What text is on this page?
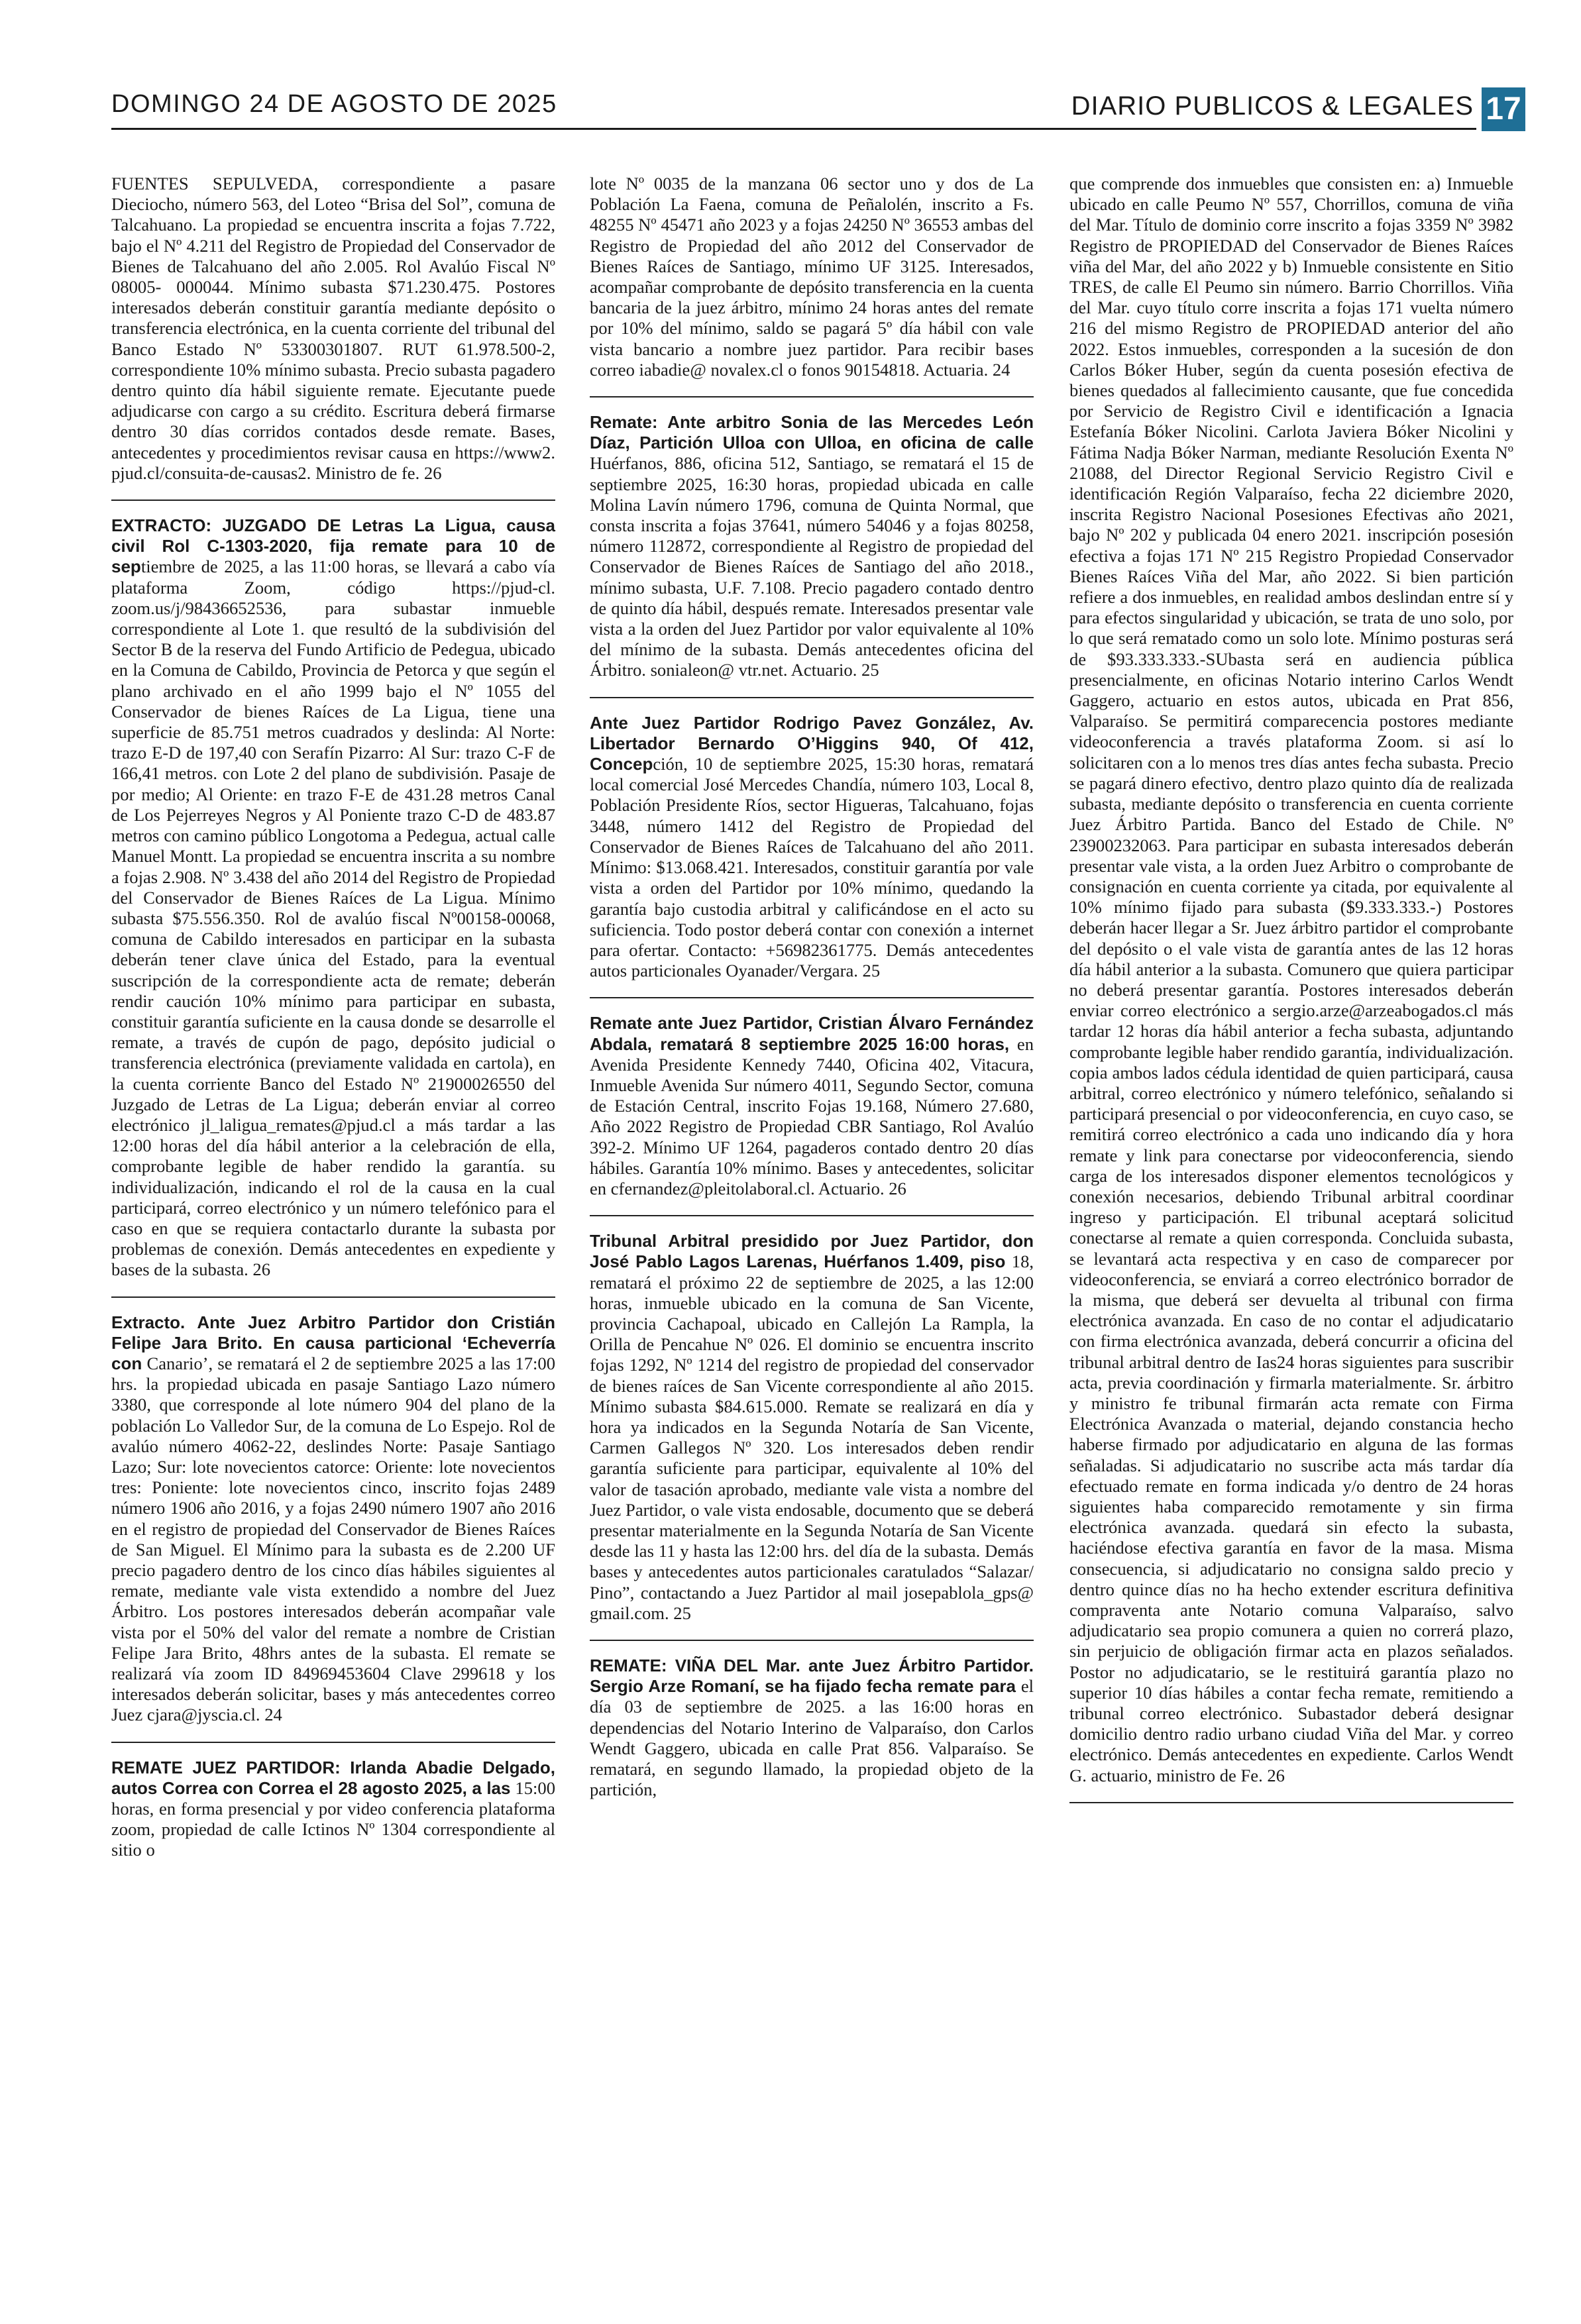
DOMINGO 24 DE AGOSTO DE 2025	DIARIO PUBLICOS & LEGALES 17

FUENTES SEPULVEDA, correspondiente a pasare Dieciocho, número 563, del Loteo “Brisa del Sol”, comuna de Talcahuano. La propiedad se encuentra inscrita a fojas 7.722, bajo el Nº 4.211 del Registro de Propiedad del Conservador de Bienes de Talcahuano del año 2.005. Rol Avalúo Fiscal Nº 08005- 000044. Mínimo subasta $71.230.475. Postores interesados deberán constituir garantía mediante depósito o transferencia electrónica, en la cuenta corriente del tribunal del Banco Estado Nº 53300301807. RUT 61.978.500-2, correspondiente 10% mínimo subasta. Precio subasta pagadero dentro quinto día hábil siguiente remate. Ejecutante puede adjudicarse con cargo a su crédito. Escritura deberá firmarse dentro 30 días corridos contados desde remate. Bases, antecedentes y procedimientos revisar causa en https://www2. pjud.cl/consuita-de-causas2. Ministro de fe. 26

EXTRACTO: JUZGADO DE Letras La Ligua, causa civil Rol C-1303-2020, fija remate para 10 de septiembre de 2025, a las 11:00 horas, se llevará a cabo vía plataforma Zoom, código https://pjud-cl. zoom.us/j/98436652536, para subastar inmueble correspondiente al Lote 1. que resultó de la subdivisión del Sector B de la reserva del Fundo Artificio de Pedegua, ubicado en la Comuna de Cabildo, Provincia de Petorca y que según el plano archivado en el año 1999 bajo el Nº 1055 del Conservador de bienes Raíces de La Ligua, tiene una superficie de 85.751 metros cuadrados y deslinda: Al Norte: trazo E-D de 197,40 con Serafín Pizarro: Al Sur: trazo C-F de 166,41 metros. con Lote 2 del plano de subdivisión. Pasaje de por medio; Al Oriente: en trazo F-E de 431.28 metros Canal de Los Pejerreyes Negros y Al Poniente trazo C-D de 483.87 metros con camino público Longotoma a Pedegua, actual calle Manuel Montt. La propiedad se encuentra inscrita a su nombre a fojas 2.908. Nº 3.438 del año 2014 del Registro de Propiedad del Conservador de Bienes Raíces de La Ligua. Mínimo subasta $75.556.350. Rol de avalúo fiscal Nº00158-00068, comuna de Cabildo interesados en participar en la subasta deberán tener clave única del Estado, para la eventual suscripción de la correspondiente acta de remate; deberán rendir caución 10% mínimo para participar en subasta, constituir garantía suficiente en la causa donde se desarrolle el remate, a través de cupón de pago, depósito judicial o transferencia electrónica (previamente validada en cartola), en la cuenta corriente Banco del Estado Nº 21900026550 del Juzgado de Letras de La Ligua; deberán enviar al correo electrónico jl_laligua_remates@pjud.cl a más tardar a las 12:00 horas del día hábil anterior a la celebración de ella, comprobante legible de haber rendido la garantía. su individualización, indicando el rol de la causa en la cual participará, correo electrónico y un número telefónico para el caso en que se requiera contactarlo durante la subasta por problemas de conexión. Demás antecedentes en expediente y bases de la subasta. 26

Extracto. Ante Juez Arbitro Partidor don Cristián Felipe Jara Brito. En causa particional ‘Echeverría con Canario’, se rematará el 2 de septiembre 2025 a las 17:00 hrs. la propiedad ubicada en pasaje Santiago Lazo número 3380, que corresponde al lote número 904 del plano de la población Lo Valledor Sur, de la comuna de Lo Espejo. Rol de avalúo número 4062-22, deslindes Norte: Pasaje Santiago Lazo; Sur: lote novecientos catorce: Oriente: lote novecientos tres: Poniente: lote novecientos cinco, inscrito fojas 2489 número 1906 año 2016, y a fojas 2490 número 1907 año 2016 en el registro de propiedad del Conservador de Bienes Raíces de San Miguel. El Mínimo para la subasta es de 2.200 UF precio pagadero dentro de los cinco días hábiles siguientes al remate, mediante vale vista extendido a nombre del Juez Árbitro. Los postores interesados deberán acompañar vale vista por el 50% del valor del remate a nombre de Cristian Felipe Jara Brito, 48hrs antes de la subasta. El remate se realizará vía zoom ID 84969453604 Clave 299618 y los interesados deberán solicitar, bases y más antecedentes correo Juez cjara@jyscia.cl. 24

REMATE JUEZ PARTIDOR: Irlanda Abadie Delgado, autos Correa con Correa el 28 agosto 2025, a las 15:00 horas, en forma presencial y por video conferencia plataforma zoom, propiedad de calle Ictinos Nº 1304 correspondiente al sitio o

lote Nº 0035 de la manzana 06 sector uno y dos de La Población La Faena, comuna de Peñalolén, inscrito a Fs. 48255 Nº 45471 año 2023 y a fojas 24250 Nº 36553 ambas del Registro de Propiedad del año 2012 del Conservador de Bienes Raíces de Santiago, mínimo UF 3125. Interesados, acompañar comprobante de depósito transferencia en la cuenta bancaria de la juez árbitro, mínimo 24 horas antes del remate por 10% del mínimo, saldo se pagará 5º día hábil con vale vista bancario a nombre juez partidor. Para recibir bases correo iabadie@ novalex.cl o fonos 90154818. Actuaria. 24

Remate: Ante arbitro Sonia de las Mercedes León Díaz, Partición Ulloa con Ulloa, en oficina de calle Huérfanos, 886, oficina 512, Santiago, se rematará el 15 de septiembre 2025, 16:30 horas, propiedad ubicada en calle Molina Lavín número 1796, comuna de Quinta Normal, que consta inscrita a fojas 37641, número 54046 y a fojas 80258, número 112872, correspondiente al Registro de propiedad del Conservador de Bienes Raíces de Santiago del año 2018., mínimo subasta, U.F. 7.108. Precio pagadero contado dentro de quinto día hábil, después remate. Interesados presentar vale vista a la orden del Juez Partidor por valor equivalente al 10% del mínimo de la subasta. Demás antecedentes oficina del Árbitro. sonialeon@ vtr.net. Actuario. 25

Ante Juez Partidor Rodrigo Pavez González, Av. Libertador Bernardo O’Higgins 940, Of 412, Concepción, 10 de septiembre 2025, 15:30 horas, rematará local comercial José Mercedes Chandía, número 103, Local 8, Población Presidente Ríos, sector Higueras, Talcahuano, fojas 3448, número 1412 del Registro de Propiedad del Conservador de Bienes Raíces de Talcahuano del año 2011. Mínimo: $13.068.421. Interesados, constituir garantía por vale vista a orden del Partidor por 10% mínimo, quedando la garantía bajo custodia arbitral y calificándose en el acto su suficiencia. Todo postor deberá contar con conexión a internet para ofertar. Contacto: +56982361775. Demás antecedentes autos particionales Oyanader/Vergara. 25

Remate ante Juez Partidor, Cristian Álvaro Fernández Abdala, rematará 8 septiembre 2025 16:00 horas, en Avenida Presidente Kennedy 7440, Oficina 402, Vitacura, Inmueble Avenida Sur número 4011, Segundo Sector, comuna de Estación Central, inscrito Fojas 19.168, Número 27.680, Año 2022 Registro de Propiedad CBR Santiago, Rol Avalúo 392-2. Mínimo UF 1264, pagaderos contado dentro 20 días hábiles. Garantía 10% mínimo. Bases y antecedentes, solicitar en cfernandez@pleitolaboral.cl. Actuario. 26

Tribunal Arbitral presidido por Juez Partidor, don José Pablo Lagos Larenas, Huérfanos 1.409, piso 18, rematará el próximo 22 de septiembre de 2025, a las 12:00 horas, inmueble ubicado en la comuna de San Vicente, provincia Cachapoal, ubicado en Callejón La Rampla, la Orilla de Pencahue Nº 026. El dominio se encuentra inscrito fojas 1292, Nº 1214 del registro de propiedad del conservador de bienes raíces de San Vicente correspondiente al año 2015. Mínimo subasta $84.615.000. Remate se realizará en día y hora ya indicados en la Segunda Notaría de San Vicente, Carmen Gallegos Nº 320. Los interesados deben rendir garantía suficiente para participar, equivalente al 10% del valor de tasación aprobado, mediante vale vista a nombre del Juez Partidor, o vale vista endosable, documento que se deberá presentar materialmente en la Segunda Notaría de San Vicente desde las 11 y hasta las 12:00 hrs. del día de la subasta. Demás bases y antecedentes autos particionales caratulados “Salazar/ Pino”, contactando a Juez Partidor al mail josepablola_gps@ gmail.com. 25

REMATE: VIÑA DEL Mar. ante Juez Árbitro Partidor. Sergio Arze Romaní, se ha fijado fecha remate para el día 03 de septiembre de 2025. a las 16:00 horas en dependencias del Notario Interino de Valparaíso, don Carlos Wendt Gaggero, ubicada en calle Prat 856. Valparaíso. Se rematará, en segundo llamado, la propiedad objeto de la partición,

que comprende dos inmuebles que consisten en: a) Inmueble ubicado en calle Peumo Nº 557, Chorrillos, comuna de viña del Mar. Título de dominio corre inscrito a fojas 3359 Nº 3982 Registro de PROPIEDAD del Conservador de Bienes Raíces viña del Mar, del año 2022 y b) Inmueble consistente en Sitio TRES, de calle El Peumo sin número. Barrio Chorrillos. Viña del Mar. cuyo título corre inscrita a fojas 171 vuelta número 216 del mismo Registro de PROPIEDAD anterior del año 2022. Estos inmuebles, corresponden a la sucesión de don Carlos Bóker Huber, según da cuenta posesión efectiva de bienes quedados al fallecimiento causante, que fue concedida por Servicio de Registro Civil e identificación a Ignacia Estefanía Bóker Nicolini. Carlota Javiera Bóker Nicolini y Fátima Nadja Bóker Narman, mediante Resolución Exenta Nº 21088, del Director Regional Servicio Registro Civil e identificación Región Valparaíso, fecha 22 diciembre 2020, inscrita Registro Nacional Posesiones Efectivas año 2021, bajo Nº 202 y publicada 04 enero 2021. inscripción posesión efectiva a fojas 171 Nº 215 Registro Propiedad Conservador Bienes Raíces Viña del Mar, año 2022. Si bien partición refiere a dos inmuebles, en realidad ambos deslindan entre sí y para efectos singularidad y ubicación, se trata de uno solo, por lo que será rematado como un solo lote. Mínimo posturas será de $93.333.333.-SUbasta será en audiencia pública presencialmente, en oficinas Notario interino Carlos Wendt Gaggero, actuario en estos autos, ubicada en Prat 856, Valparaíso. Se permitirá comparecencia postores mediante videoconferencia a través plataforma Zoom. si así lo solicitaren con a lo menos tres días antes fecha subasta. Precio se pagará dinero efectivo, dentro plazo quinto día de realizada subasta, mediante depósito o transferencia en cuenta corriente Juez Árbitro Partida. Banco del Estado de Chile. Nº 23900232063. Para participar en subasta interesados deberán presentar vale vista, a la orden Juez Arbitro o comprobante de consignación en cuenta corriente ya citada, por equivalente al 10% mínimo fijado para subasta ($9.333.333.-) Postores deberán hacer llegar a Sr. Juez árbitro partidor el comprobante del depósito o el vale vista de garantía antes de las 12 horas día hábil anterior a la subasta. Comunero que quiera participar no deberá presentar garantía. Postores interesados deberán enviar correo electrónico a sergio.arze@arzeabogados.cl más tardar 12 horas día hábil anterior a fecha subasta, adjuntando comprobante legible haber rendido garantía, individualización. copia ambos lados cédula identidad de quien participará, causa arbitral, correo electrónico y número telefónico, señalando si participará presencial o por videoconferencia, en cuyo caso, se remitirá correo electrónico a cada uno indicando día y hora remate y link para conectarse por videoconferencia, siendo carga de los interesados disponer elementos tecnológicos y conexión necesarios, debiendo Tribunal arbitral coordinar ingreso y participación. El tribunal aceptará solicitud conectarse al remate a quien corresponda. Concluida subasta, se levantará acta respectiva y en caso de comparecer por videoconferencia, se enviará a correo electrónico borrador de la misma, que deberá ser devuelta al tribunal con firma electrónica avanzada. En caso de no contar el adjudicatario con firma electrónica avanzada, deberá concurrir a oficina del tribunal arbitral dentro de Ias24 horas siguientes para suscribir acta, previa coordinación y firmarla materialmente. Sr. árbitro y ministro fe tribunal firmarán acta remate con Firma Electrónica Avanzada o material, dejando constancia hecho haberse firmado por adjudicatario en alguna de las formas señaladas. Si adjudicatario no suscribe acta más tardar día efectuado remate en forma indicada y/o dentro de 24 horas siguientes haba comparecido remotamente y sin firma electrónica avanzada. quedará sin efecto la subasta, haciéndose efectiva garantía en favor de la masa. Misma consecuencia, si adjudicatario no consigna saldo precio y dentro quince días no ha hecho extender escritura definitiva compraventa ante Notario comuna Valparaíso, salvo adjudicatario sea propio comunera a quien no correrá plazo, sin perjuicio de obligación firmar acta en plazos señalados. Postor no adjudicatario, se le restituirá garantía plazo no superior 10 días hábiles a contar fecha remate, remitiendo a tribunal correo electrónico. Subastador deberá designar domicilio dentro radio urbano ciudad Viña del Mar. y correo electrónico. Demás antecedentes en expediente. Carlos Wendt G. actuario, ministro de Fe. 26
